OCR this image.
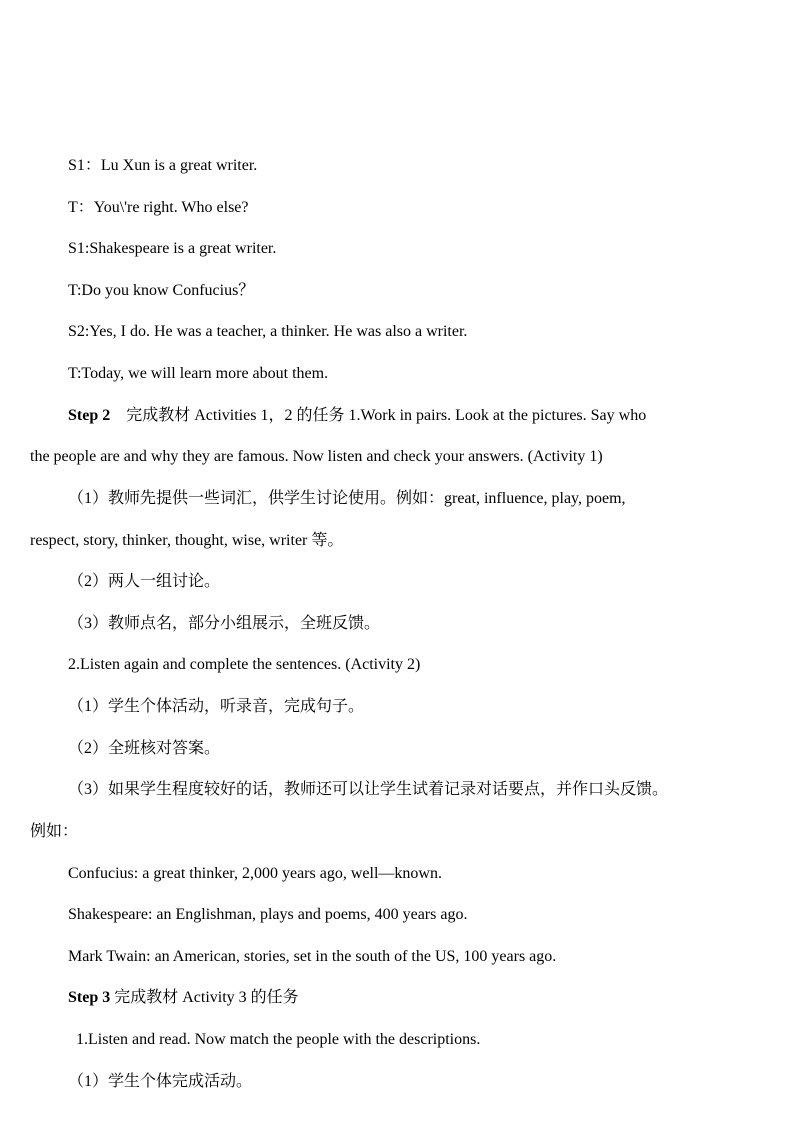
S1：Lu Xun is a great writer.
T：You\'re right. Who else?
S1:Shakespeare is a great writer.
T:Do you know Confucius？
S2:Yes, I do. He was a teacher, a thinker. He was also a writer.
T:Today, we will learn more about them.
Step 2　完成教材 Activities 1，2 的任务 1.Work in pairs. Look at the pictures. Say who
the people are and why they are famous. Now listen and check your answers. (Activity 1)
（1）教师先提供一些词汇，供学生讨论使用。例如：great, influence, play, poem,
respect, story, thinker, thought, wise, writer 等。
（2）两人一组讨论。
（3）教师点名，部分小组展示，全班反馈。
2.Listen again and complete the sentences. (Activity 2)
（1）学生个体活动，听录音，完成句子。
（2）全班核对答案。
（3）如果学生程度较好的话，教师还可以让学生试着记录对话要点，并作口头反馈。
例如：
Confucius: a great thinker, 2,000 years ago, well—known.
Shakespeare: an Englishman, plays and poems, 400 years ago.
Mark Twain: an American, stories, set in the south of the US, 100 years ago.
Step 3 完成教材 Activity 3 的任务
1.Listen and read. Now match the people with the descriptions.
（1）学生个体完成活动。
